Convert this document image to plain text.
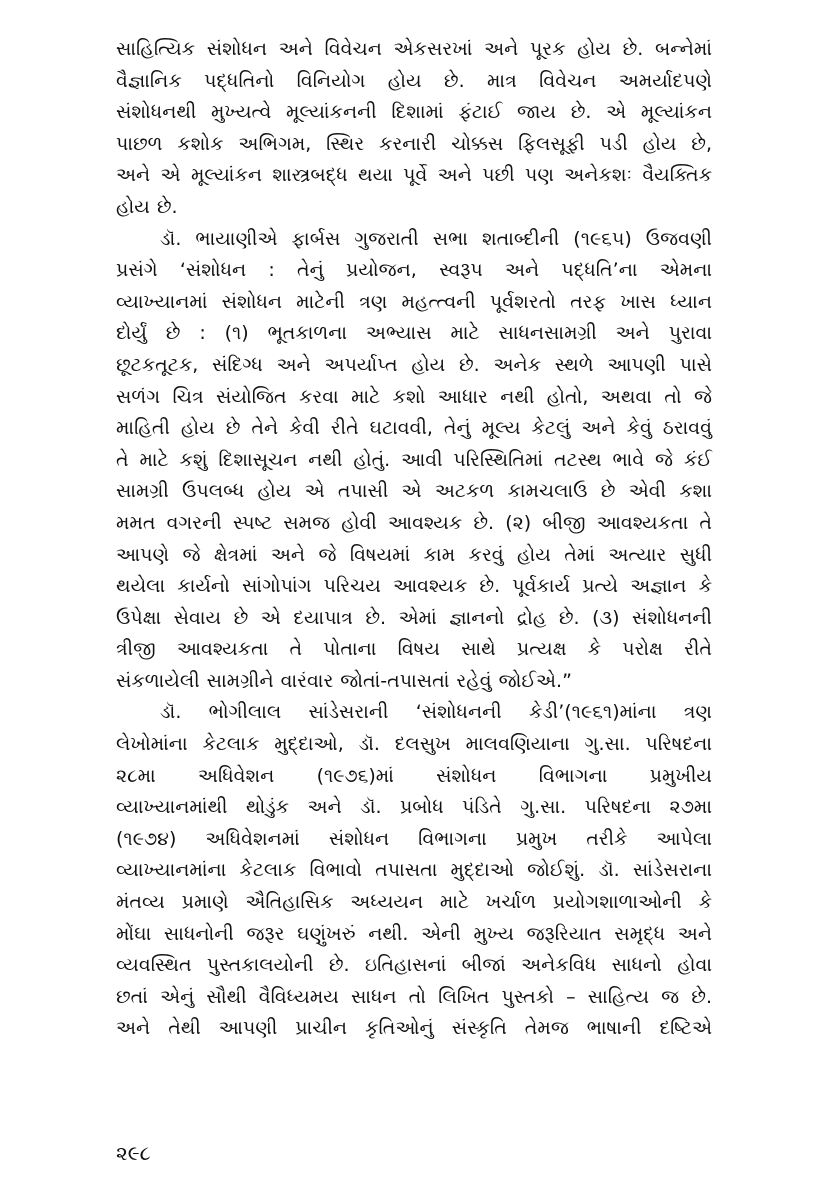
સાહિત્યિક સંશોધન અને વિવેચન એકસરખાં અને પૂરક હોય છે. બન્નેમાં
વૈજ્ઞાનિક પદ્ધતિનો વિનિયોગ હોય છે. માત્ર વિવેચન અમર્યાદપણે
સંશોધનથી મુખ્યત્વે મૂલ્યાંકનની દિશામાં ફંટાઈ જાય છે. એ મૂલ્યાંકન
પાછળ કશોક અભિગમ, સ્થિર કરનારી ચોક્કસ ફિલસૂફી પડી હોય છે,
અને એ મૂલ્યાંકન શાસ્ત્રબદ્ધ થયા પૂર્વે અને પછી પણ અનેકશઃ વૈયક્તિક
હોય છે.

ડૉ. ભાયાણીએ ફાર્બસ ગુજરાતી સભા શતાબ્દીની (૧૯૬૫) ઉજવણી
પ્રસંગે ‘સંશોધન : તેનું પ્રયોજન, સ્વરૂપ અને પદ્ધતિ’ના એમના
વ્યાખ્યાનમાં સંશોધન માટેની ત્રણ મહત્ત્વની પૂર્વશરતો તરફ ખાસ ધ્યાન
દોર્યું છે : (૧) ભૂતકાળના અભ્યાસ માટે સાધનસામગ્રી અને પુરાવા
છૂટકતૂટક, સંદિગ્ધ અને અપર્યાપ્ત હોય છે. અનેક સ્થળે આપણી પાસે
સળંગ ચિત્ર સંયોજિત કરવા માટે કશો આધાર નથી હોતો, અથવા તો જે
માહિતી હોય છે તેને કેવી રીતે ઘટાવવી, તેનું મૂલ્ય કેટલું અને કેવું ઠરાવવું
તે માટે કશું દિશાસૂચન નથી હોતું. આવી પરિસ્થિતિમાં તટસ્થ ભાવે જે કંઈ
સામગ્રી ઉપલબ્ધ હોય એ તપાસી એ અટકળ કામચલાઉ છે એવી કશા
મમત વગરની સ્પષ્ટ સમજ હોવી આવશ્યક છે. (૨) બીજી આવશ્યકતા તે
આપણે જે ક્ષેત્રમાં અને જે વિષયમાં કામ કરવું હોય તેમાં અત્યાર સુધી
થયેલા કાર્યનો સાંગોપાંગ પરિચય આવશ્યક છે. પૂર્વકાર્ય પ્રત્યે અજ્ઞાન કે
ઉપેક્ષા સેવાય છે એ દયાપાત્ર છે. એમાં જ્ઞાનનો દ્રોહ છે. (૩) સંશોધનની
ત્રીજી આવશ્યકતા તે પોતાના વિષય સાથે પ્રત્યક્ષ કે પરોક્ષ રીતે
સંકળાયેલી સામગ્રીને વારંવાર જોતાં-તપાસતાં રહેવું જોઈએ.”

ડૉ. ભોગીલાલ સાંડેસરાની ‘સંશોધનની કેડી’(૧૯૬૧)માંના ત્રણ
લેખોમાંના કેટલાક મુદ્દાઓ, ડૉ. દલસુખ માલવણિયાના ગુ.સા. પરિષદના
૨૮મા અધિવેશન (૧૯૭૬)માં સંશોધન વિભાગના પ્રમુખીય
વ્યાખ્યાનમાંથી થોડુંક અને ડૉ. પ્રબોધ પંડિતે ગુ.સા. પરિષદના ૨૭મા
(૧૯૭૪) અધિવેશનમાં સંશોધન વિભાગના પ્રમુખ તરીકે આપેલા
વ્યાખ્યાનમાંના કેટલાક વિભાવો તપાસતા મુદ્દાઓ જોઈશું. ડૉ. સાંડેસરાના
મંતવ્ય પ્રમાણે ઐતિહાસિક અધ્યયન માટે ખર્ચાળ પ્રયોગશાળાઓની કે
મોંઘા સાધનોની જરૂર ઘણુંખરું નથી. એની મુખ્ય જરૂરિયાત સમૃદ્ધ અને
વ્યવસ્થિત પુસ્તકાલયોની છે. ઇતિહાસનાં બીજાં અનેકવિધ સાધનો હોવા
છતાં એનું સૌથી વૈવિધ્યમય સાધન તો લિખિત પુસ્તકો – સાહિત્ય જ છે.
અને તેથી આપણી પ્રાચીન કૃતિઓનું સંસ્કૃતિ તેમજ ભાષાની દષ્ટિએ

૨૯૮
